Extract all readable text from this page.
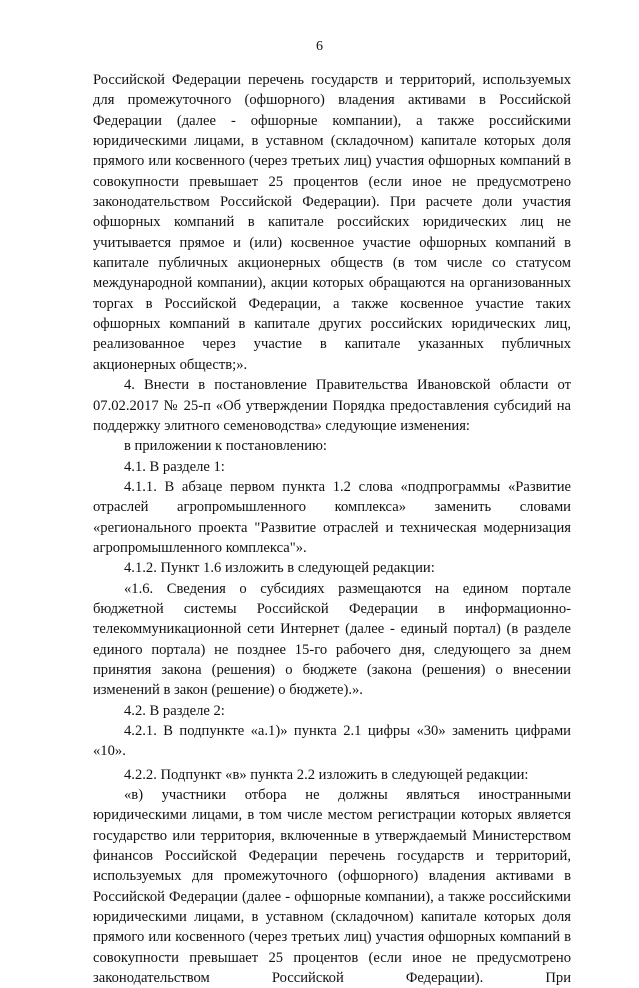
6

Российской Федерации перечень государств и территорий, используемых для промежуточного (офшорного) владения активами в Российской Федерации (далее - офшорные компании), а также российскими юридическими лицами, в уставном (складочном) капитале которых доля прямого или косвенного (через третьих лиц) участия офшорных компаний в совокупности превышает 25 процентов (если иное не предусмотрено законодательством Российской Федерации). При расчете доли участия офшорных компаний в капитале российских юридических лиц не учитывается прямое и (или) косвенное участие офшорных компаний в капитале публичных акционерных обществ (в том числе со статусом международной компании), акции которых обращаются на организованных торгах в Российской Федерации, а также косвенное участие таких офшорных компаний в капитале других российских юридических лиц, реализованное через участие в капитале указанных публичных акционерных обществ;».

4. Внести в постановление Правительства Ивановской области от 07.02.2017 № 25-п «Об утверждении Порядка предоставления субсидий на поддержку элитного семеноводства» следующие изменения:

в приложении к постановлению:

4.1. В разделе 1:

4.1.1. В абзаце первом пункта 1.2 слова «подпрограммы «Развитие отраслей агропромышленного комплекса» заменить словами «регионального проекта "Развитие отраслей и техническая модернизация агропромышленного комплекса"».

4.1.2. Пункт 1.6 изложить в следующей редакции:

«1.6. Сведения о субсидиях размещаются на едином портале бюджетной системы Российской Федерации в информационно-телекоммуникационной сети Интернет (далее - единый портал) (в разделе единого портала) не позднее 15-го рабочего дня, следующего за днем принятия закона (решения) о бюджете (закона (решения) о внесении изменений в закон (решение) о бюджете).».

4.2. В разделе 2:

4.2.1. В подпункте «а.1)» пункта 2.1 цифры «30» заменить цифрами «10».

4.2.2. Подпункт «в» пункта 2.2 изложить в следующей редакции:

«в) участники отбора не должны являться иностранными юридическими лицами, в том числе местом регистрации которых является государство или территория, включенные в утверждаемый Министерством финансов Российской Федерации перечень государств и территорий, используемых для промежуточного (офшорного) владения активами в Российской Федерации (далее - офшорные компании), а также российскими юридическими лицами, в уставном (складочном) капитале которых доля прямого или косвенного (через третьих лиц) участия офшорных компаний в совокупности превышает 25 процентов (если иное не предусмотрено законодательством Российской Федерации). При
